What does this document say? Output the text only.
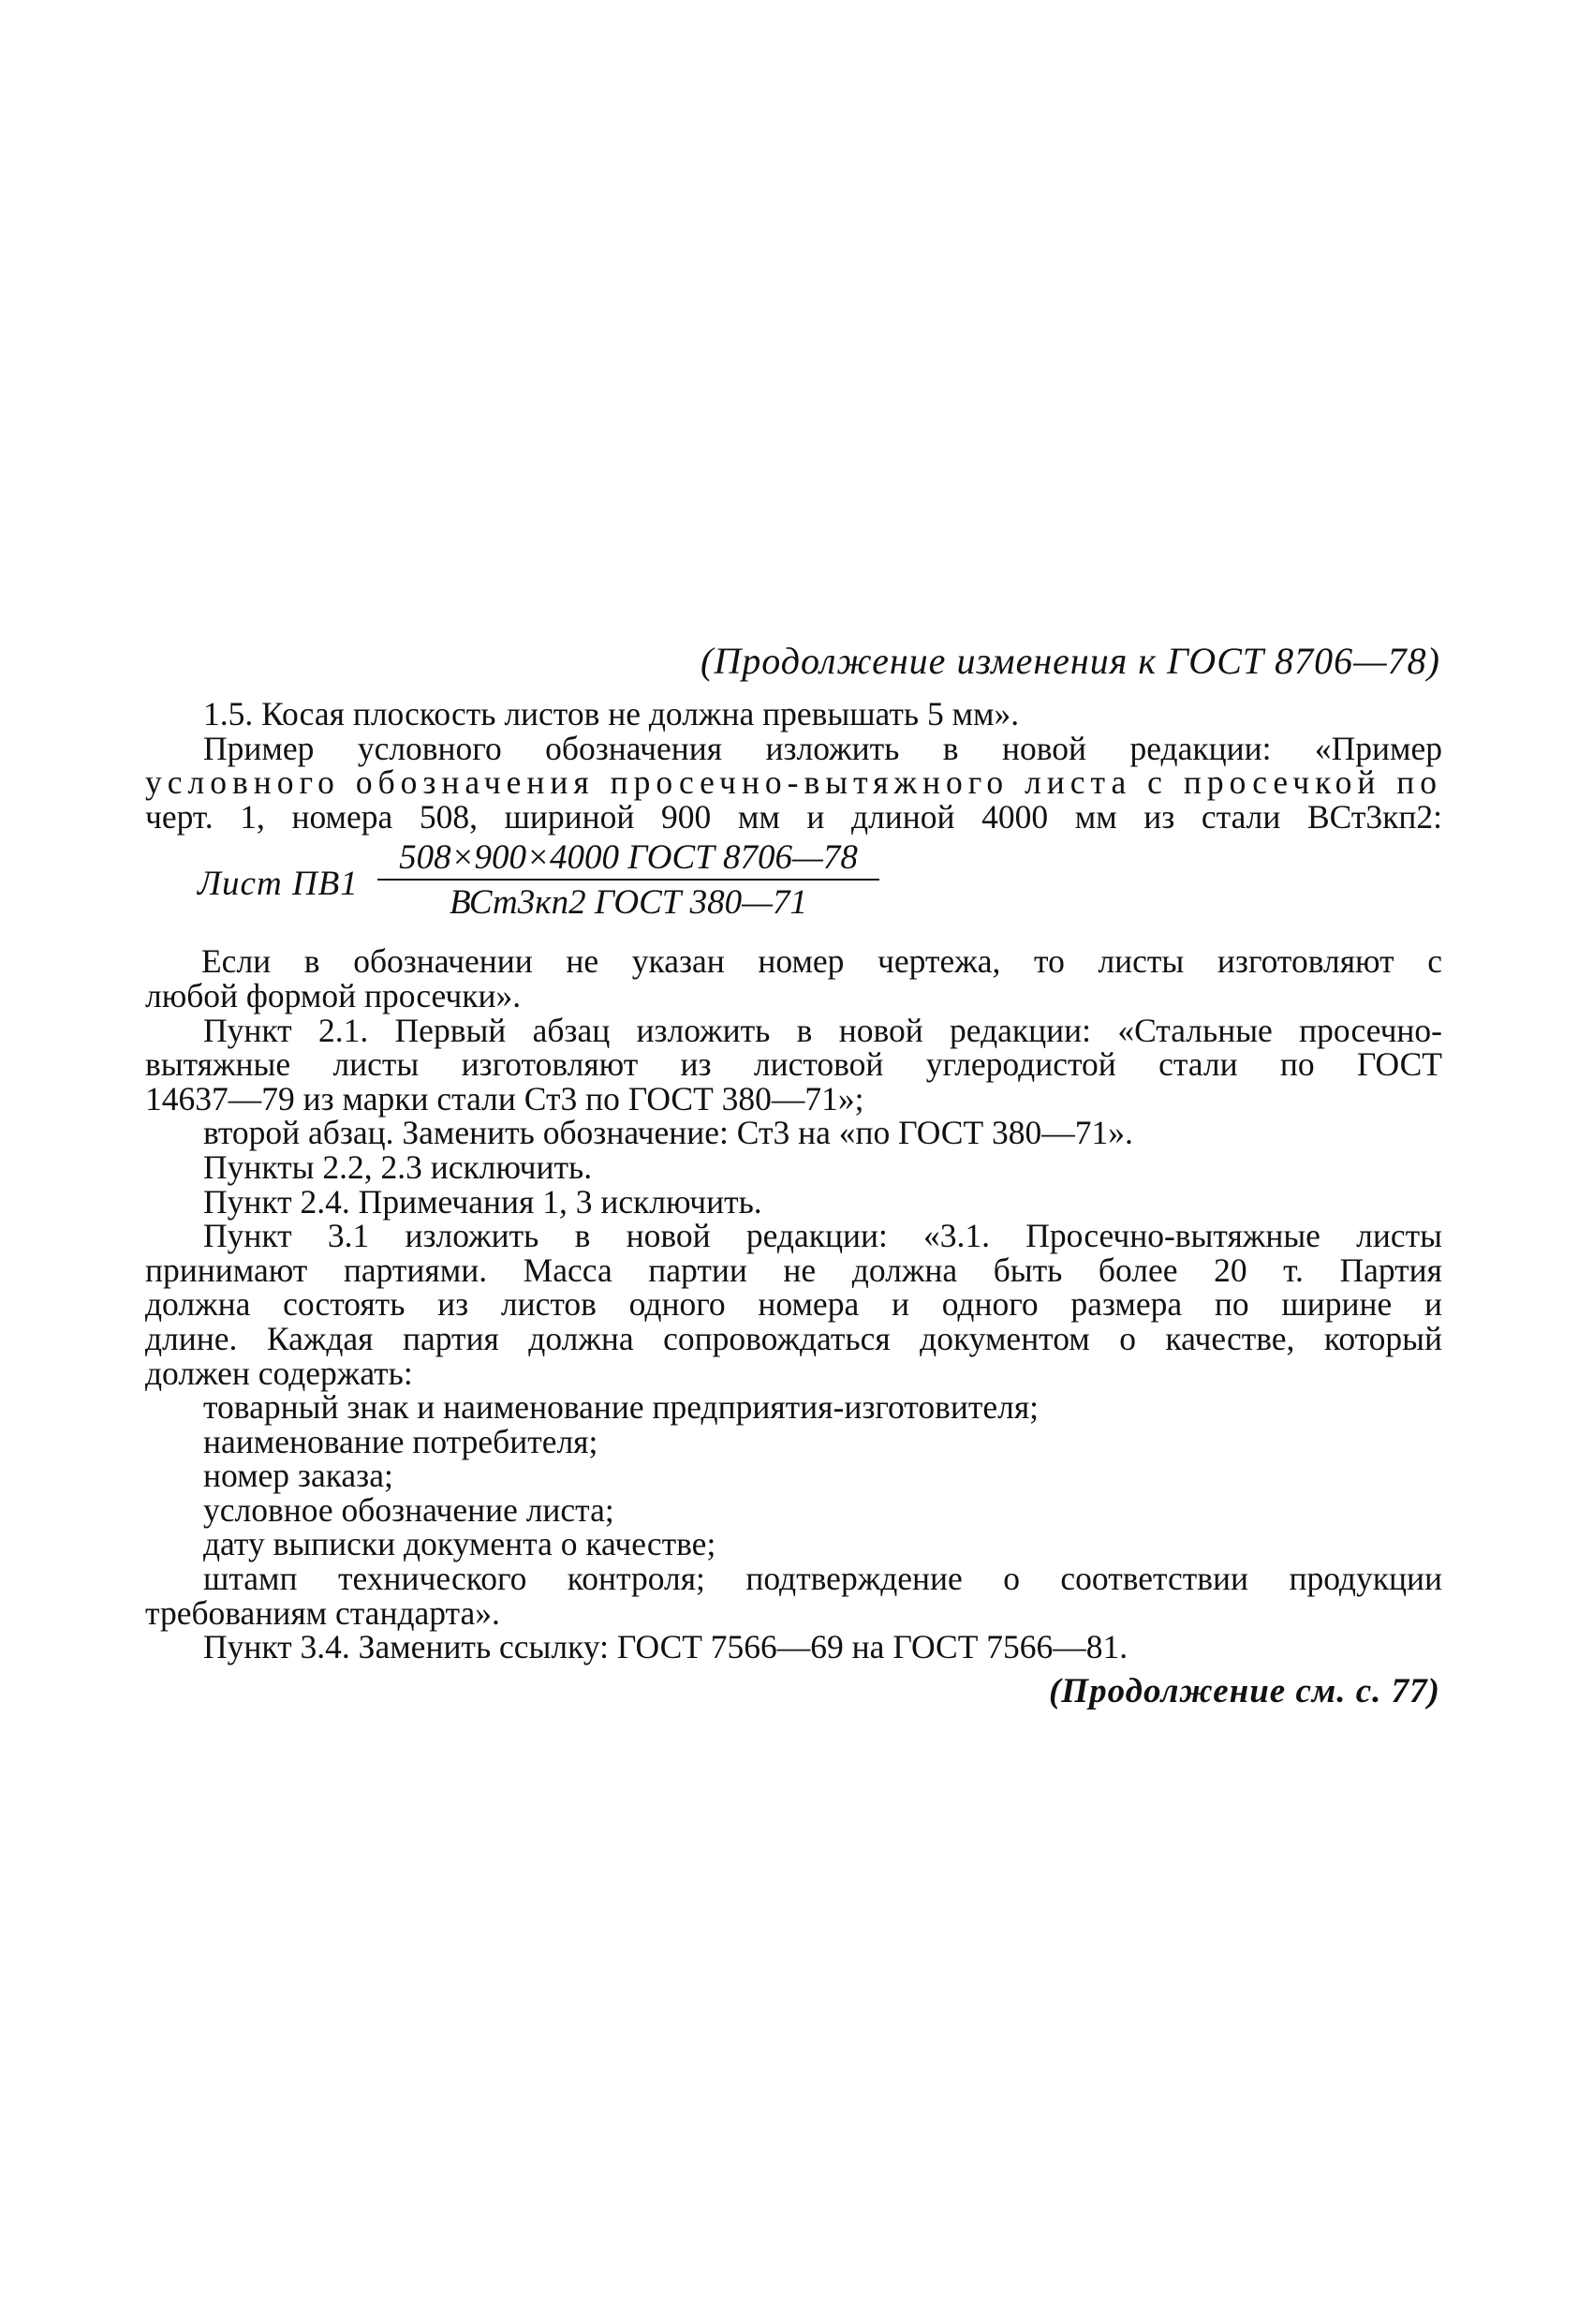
(Продолжение изменения к ГОСТ 8706—78)

1.5. Косая плоскость листов не должна превышать 5 мм».

Пример условного обозначения изложить в новой редакции: «Пример

условного обозначения просечно-вытяжного листа с просечкой по

черт. 1, номера 508, шириной 900 мм и длиной 4000 мм из стали ВСт3кп2:

Лист ПВ1
508×900×4000 ГОСТ 8706—78
ВСт3кп2 ГОСТ 380—71

Если в обозначении не указан номер чертежа, то листы изготовляют с

любой формой просечки».

Пункт 2.1. Первый абзац изложить в новой редакции: «Стальные просечно-

вытяжные листы изготовляют из листовой углеродистой стали по ГОСТ

14637—79 из марки стали Ст3 по ГОСТ 380—71»;

второй абзац. Заменить обозначение: Ст3 на «по ГОСТ 380—71».

Пункты 2.2, 2.3 исключить.

Пункт 2.4. Примечания 1, 3 исключить.

Пункт 3.1 изложить в новой редакции: «3.1. Просечно-вытяжные листы

принимают партиями. Масса партии не должна быть более 20 т. Партия

должна состоять из листов одного номера и одного размера по ширине и

длине. Каждая партия должна сопровождаться документом о качестве, который

должен содержать:

товарный знак и наименование предприятия-изготовителя;

наименование потребителя;

номер заказа;

условное обозначение листа;

дату выписки документа о качестве;

штамп технического контроля; подтверждение о соответствии продукции

требованиям стандарта».

Пункт 3.4. Заменить ссылку: ГОСТ 7566—69 на ГОСТ 7566—81.

(Продолжение см. с. 77)
